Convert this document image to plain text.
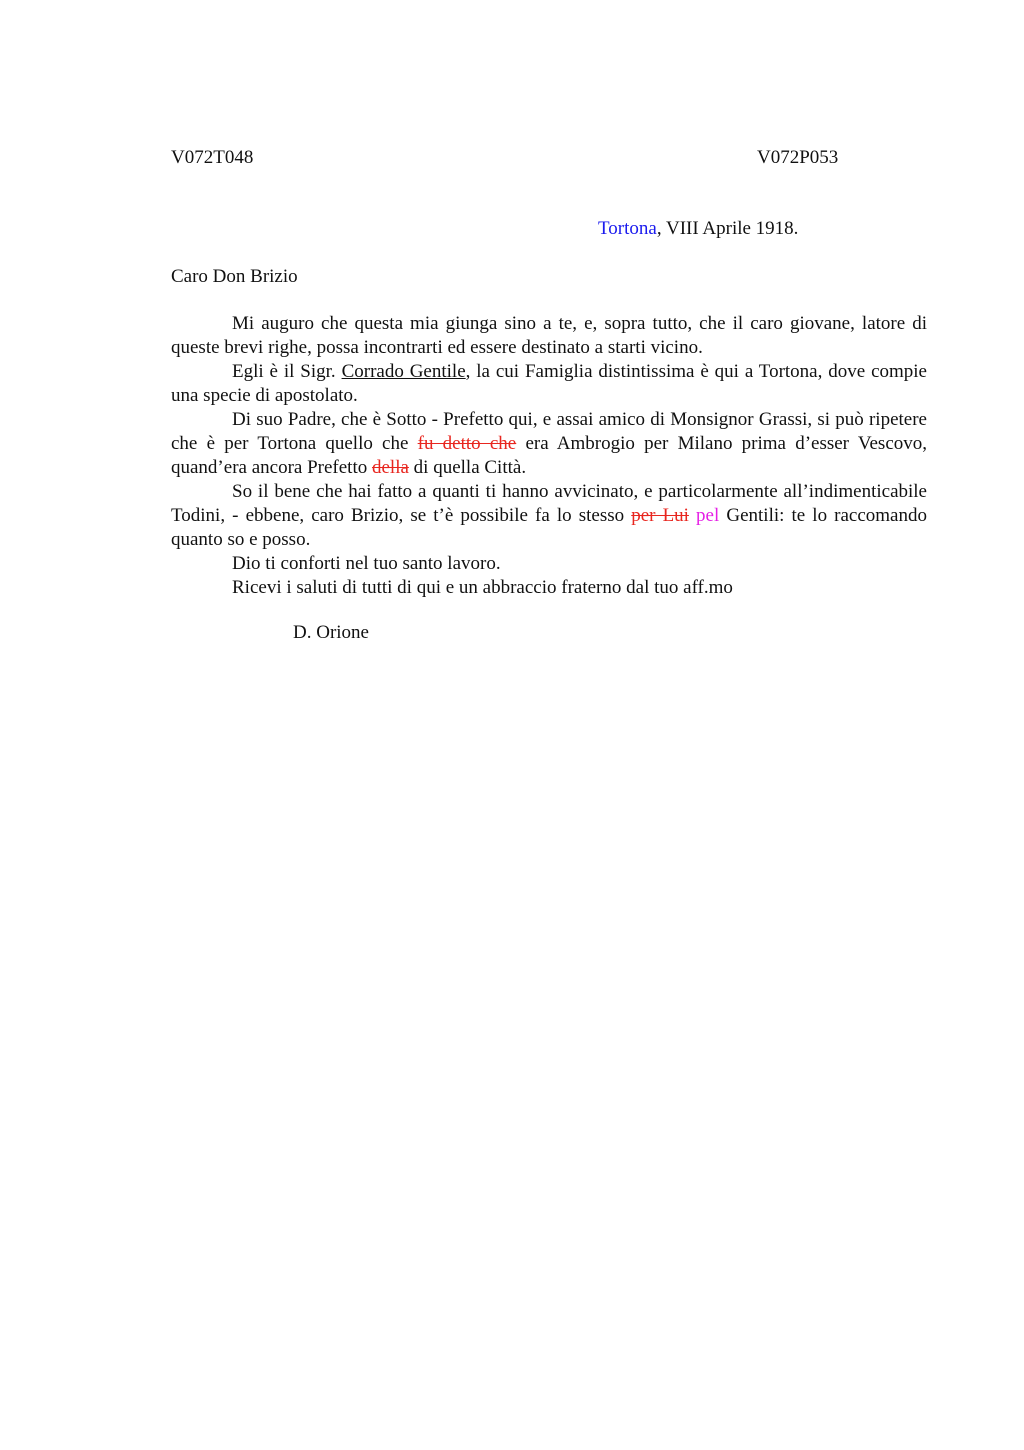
V072T048	V072P053
Tortona, VIII Aprile 1918.
Caro Don Brizio

Mi auguro che questa mia giunga sino a te, e, sopra tutto, che il caro giovane, latore di queste brevi righe, possa incontrarti ed essere destinato a starti vicino.

Egli è il Sigr. Corrado Gentile, la cui Famiglia distintissima è qui a Tortona, dove compie una specie di apostolato.

Di suo Padre, che è Sotto - Prefetto qui, e assai amico di Monsignor Grassi, si può ripetere che è per Tortona quello che fu detto che era Ambrogio per Milano prima d’esser Vescovo, quand’era ancora Prefetto della di quella Città.

So il bene che hai fatto a quanti ti hanno avvicinato, e particolarmente all’indimenticabile Todini, - ebbene, caro Brizio, se t’è possibile fa lo stesso per Lui pel Gentili: te lo raccomando quanto so e posso.

Dio ti conforti nel tuo santo lavoro.

Ricevi i saluti di tutti di qui e un abbraccio fraterno dal tuo aff.mo

D. Orione
